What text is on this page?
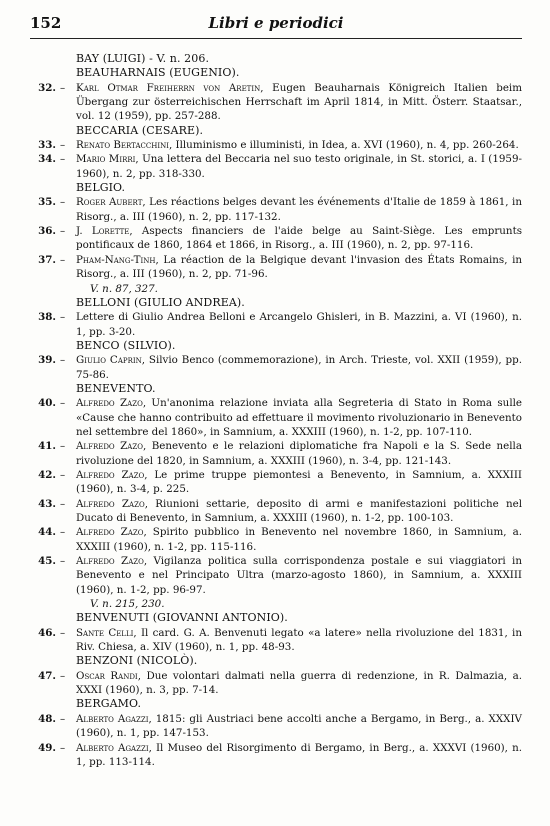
152	Libri e periodici
BAY (LUIGI) - V. n. 206.
BEAUHARNAIS (EUGENIO).
32. – Karl Otmar Freiherrn von Aretin, Eugen Beauharnais Königreich Italien beim Übergang zur österreichischen Herrschaft im April 1814, in Mitt. Österr. Staatsar., vol. 12 (1959), pp. 257-288.
BECCARIA (CESARE).
33. – Renato Bertacchini, Illuminismo e illuministi, in Idea, a. XVI (1960), n. 4, pp. 260-264.
34. – Mario Mirri, Una lettera del Beccaria nel suo testo originale, in St. storici, a. I (1959-1960), n. 2, pp. 318-330.
BELGIO.
35. – Roger Aubert, Les réactions belges devant les événements d'Italie de 1859 à 1861, in Risorg., a. III (1960), n. 2, pp. 117-132.
36. – J. Lorette, Aspects financiers de l'aide belge au Saint-Siège. Les emprunts pontificaux de 1860, 1864 et 1866, in Risorg., a. III (1960), n. 2, pp. 97-116.
37. – Pham-Nang-Tinh, La réaction de la Belgique devant l'invasion des États Romains, in Risorg., a. III (1960), n. 2, pp. 71-96.
V. n. 87, 327.
BELLONI (GIULIO ANDREA).
38. – Lettere di Giulio Andrea Belloni e Arcangelo Ghisleri, in B. Mazzini, a. VI (1960), n. 1, pp. 3-20.
BENCO (SILVIO).
39. – Giulio Caprin, Silvio Benco (commemorazione), in Arch. Trieste, vol. XXII (1959), pp. 75-86.
BENEVENTO.
40. – Alfredo Zazo, Un'anonima relazione inviata alla Segreteria di Stato in Roma sulle «Cause che hanno contribuito ad effettuare il movimento rivoluzionario in Benevento nel settembre del 1860», in Samnium, a. XXXIII (1960), n. 1-2, pp. 107-110.
41. – Alfredo Zazo, Benevento e le relazioni diplomatiche fra Napoli e la S. Sede nella rivoluzione del 1820, in Samnium, a. XXXIII (1960), n. 3-4, pp. 121-143.
42. – Alfredo Zazo, Le prime truppe piemontesi a Benevento, in Samnium, a. XXXIII (1960), n. 3-4, p. 225.
43. – Alfredo Zazo, Riunioni settarie, deposito di armi e manifestazioni politiche nel Ducato di Benevento, in Samnium, a. XXXIII (1960), n. 1-2, pp. 100-103.
44. – Alfredo Zazo, Spirito pubblico in Benevento nel novembre 1860, in Samnium, a. XXXIII (1960), n. 1-2, pp. 115-116.
45. – Alfredo Zazo, Vigilanza politica sulla corrispondenza postale e sui viaggiatori in Benevento e nel Principato Ultra (marzo-agosto 1860), in Samnium, a. XXXIII (1960), n. 1-2, pp. 96-97.
V. n. 215, 230.
BENVENUTI (GIOVANNI ANTONIO).
46. – Sante Celli, Il card. G. A. Benvenuti legato «a latere» nella rivoluzione del 1831, in Riv. Chiesa, a. XIV (1960), n. 1, pp. 48-93.
BENZONI (NICOLÒ).
47. – Oscar Randi, Due volontari dalmati nella guerra di redenzione, in R. Dalmazia, a. XXXI (1960), n. 3, pp. 7-14.
BERGAMO.
48. – Alberto Agazzi, 1815: gli Austriaci bene accolti anche a Bergamo, in Berg., a. XXXIV (1960), n. 1, pp. 147-153.
49. – Alberto Agazzi, Il Museo del Risorgimento di Bergamo, in Berg., a. XXXVI (1960), n. 1, pp. 113-114.
